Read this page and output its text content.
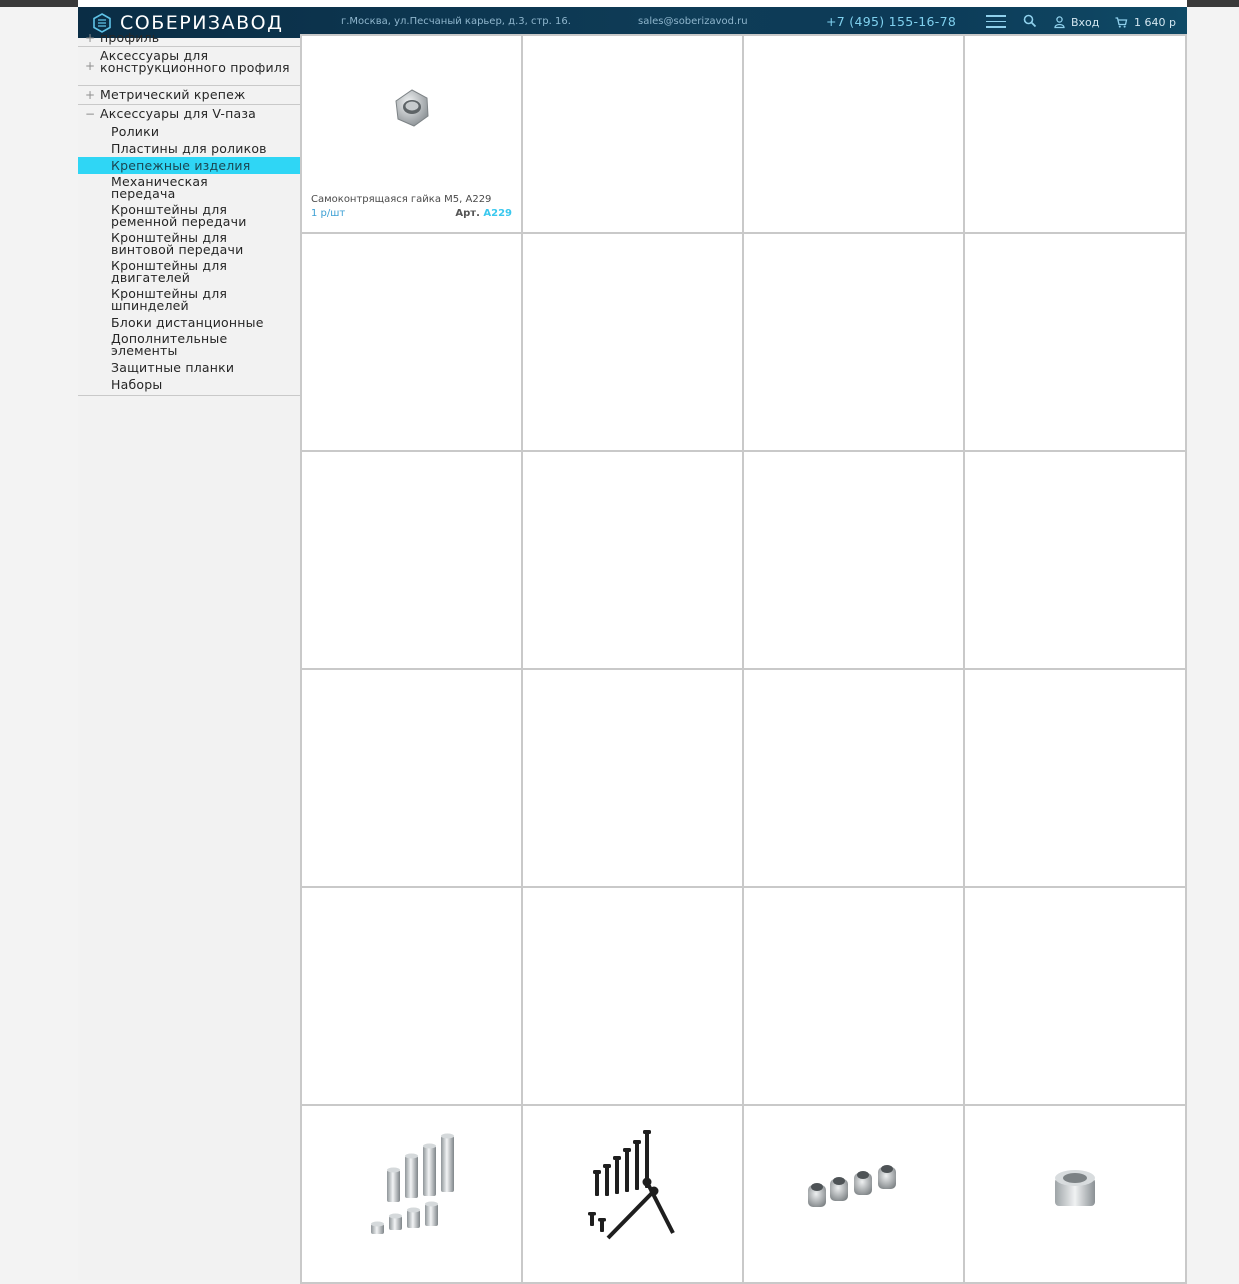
СОБЕРИЗАВОД	г.Москва, ул.Песчаный карьер, д.3, стр. 16.	sales@soberizavod.ru	+7 (495) 155-16-78	Вход	1 640 р
+ профиль
+
Аксессуары для конструкционного профиля
+ Метрический крепеж
− Аксессуары для V-паза
Ролики
Пластины для роликов
Крепежные изделия
Механическая передача
Кронштейны для ременной передачи
Кронштейны для винтовой передачи
Кронштейны для двигателей
Кронштейны для шпинделей
Блоки дистанционные
Дополнительные элементы
Защитные планки
Наборы
Самоконтрящаяся гайка M5, A229
1 р/шт	Арт. A229
